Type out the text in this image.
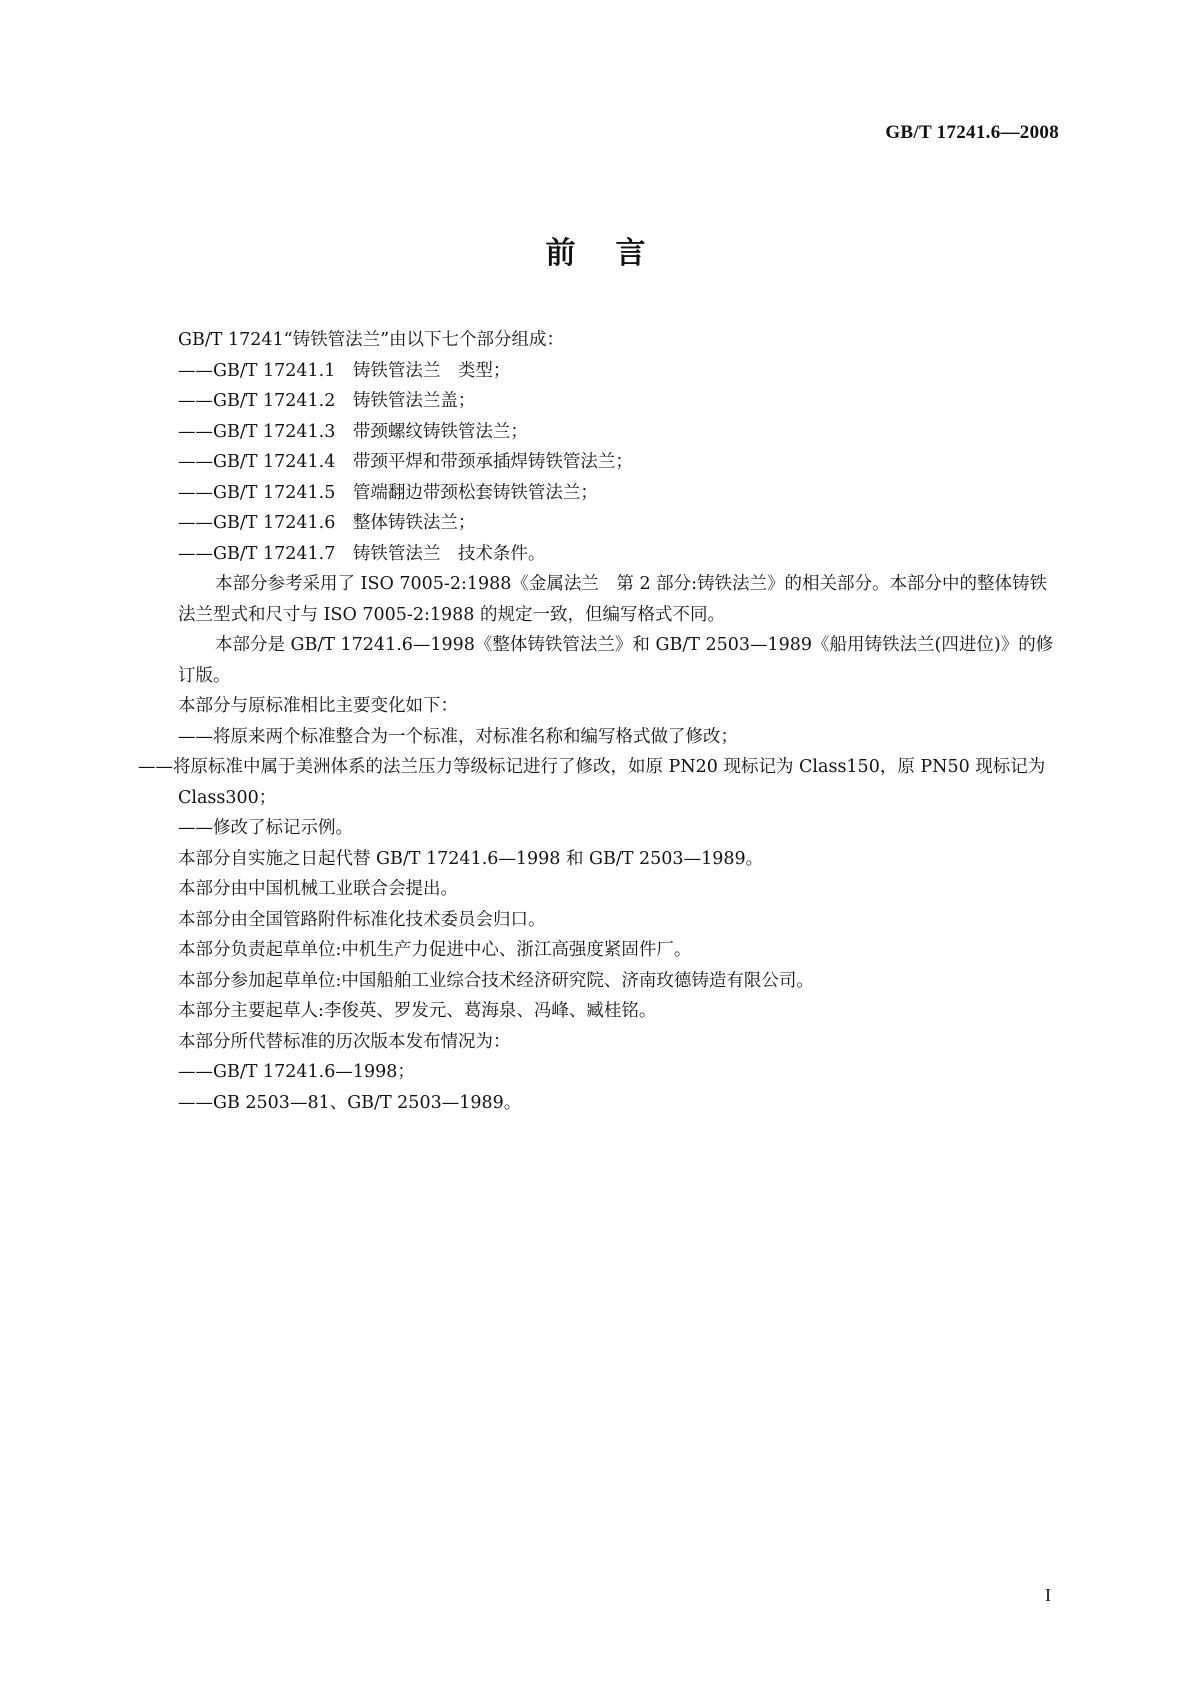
GB/T 17241.6—2008
前言

GB/T 17241“铸铁管法兰”由以下七个部分组成：

——GB/T 17241.1　铸铁管法兰　类型；

——GB/T 17241.2　铸铁管法兰盖；

——GB/T 17241.3　带颈螺纹铸铁管法兰；

——GB/T 17241.4　带颈平焊和带颈承插焊铸铁管法兰；

——GB/T 17241.5　管端翻边带颈松套铸铁管法兰；

——GB/T 17241.6　整体铸铁法兰；

——GB/T 17241.7　铸铁管法兰　技术条件。

本部分参考采用了 ISO 7005-2:1988《金属法兰　第 2 部分:铸铁法兰》的相关部分。本部分中的整体铸铁法兰型式和尺寸与 ISO 7005-2:1988 的规定一致，但编写格式不同。

本部分是 GB/T 17241.6—1998《整体铸铁管法兰》和 GB/T 2503—1989《船用铸铁法兰(四进位)》的修订版。

本部分与原标准相比主要变化如下：

——将原来两个标准整合为一个标准，对标准名称和编写格式做了修改；

——将原标准中属于美洲体系的法兰压力等级标记进行了修改，如原 PN20 现标记为 Class150，原 PN50 现标记为 Class300；

——修改了标记示例。

本部分自实施之日起代替 GB/T 17241.6—1998 和 GB/T 2503—1989。

本部分由中国机械工业联合会提出。

本部分由全国管路附件标准化技术委员会归口。

本部分负责起草单位:中机生产力促进中心、浙江高强度紧固件厂。

本部分参加起草单位:中国船舶工业综合技术经济研究院、济南玫德铸造有限公司。

本部分主要起草人:李俊英、罗发元、葛海泉、冯峰、臧桂铭。

本部分所代替标准的历次版本发布情况为：

——GB/T 17241.6—1998；

——GB 2503—81、GB/T 2503—1989。

I
